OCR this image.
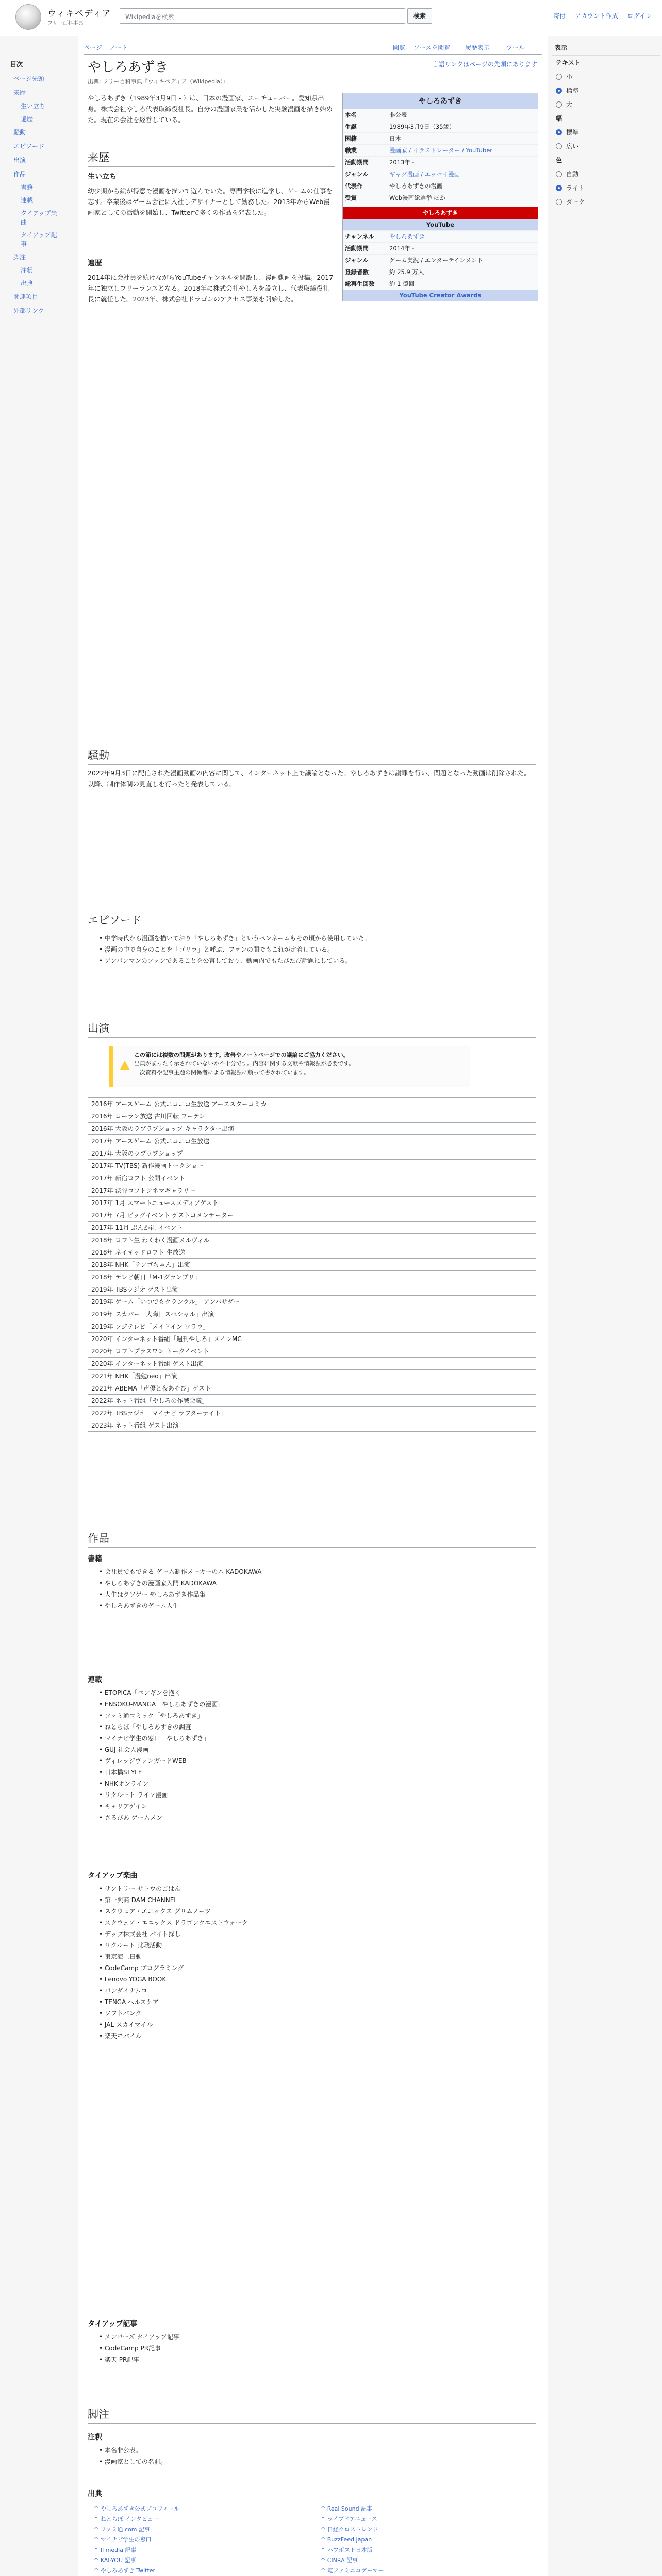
ウィキペディア
フリー百科事典
Wikipediaを検索	検索	寄付 アカウント作成 ログイン
目次
ページ先頭
来歴
生い立ち
遍歴
騒動
エピソード
出演
作品
書籍
連載
タイアップ楽曲
タイアップ記事
脚注
注釈
出典
関連項目
外部リンク
表示
テキスト
小
標準
大
幅
標準
広い
色
自動
ライト
ダーク
ページ ノート	閲覧 ソースを閲覧 履歴表示	ツール
やしろあずき	言語リンクはページの先頭にあります
出典: フリー百科事典『ウィキペディア（Wikipedia）』
やしろあずき
本名	非公表
生誕	1989年3月9日（35歳）
国籍	日本
職業	漫画家 / イラストレーター / YouTuber
活動期間	2013年 -
ジャンル	ギャグ漫画 / エッセイ漫画
代表作	やしろあずきの漫画
受賞	Web漫画総選挙 ほか
やしろあずき
YouTube
チャンネル	やしろあずき
活動期間	2014年 -
ジャンル	ゲーム実況 / エンターテインメント
登録者数	約 25.9 万人
総再生回数	約 1 億回
YouTube Creator Awards
やしろあずき（1989年3月9日 - ）は、日本の漫画家、ユーチューバー。愛知県出身。株式会社やしろ代表取締役社長。自分の漫画家業を活かした実験漫画を描き始めた。現在の会社を経営している。
来歴
生い立ち
幼少期から絵が得意で漫画を描いて遊んでいた。専門学校に進学し、ゲームの仕事を志す。卒業後はゲーム会社に入社しデザイナーとして勤務した。2013年からWeb漫画家としての活動を開始し、Twitterで多くの作品を発表した。
遍歴
2014年に会社員を続けながらYouTubeチャンネルを開設し、漫画動画を投稿。2017年に独立しフリーランスとなる。2018年に株式会社やしろを設立し、代表取締役社長に就任した。2023年、株式会社ドラゴンのアクセス事業を開始した。
騒動
2022年9月3日に配信された漫画動画の内容に関して、インターネット上で議論となった。やしろあずきは謝罪を行い、問題となった動画は削除された。以降、制作体制の見直しを行ったと発表している。
エピソード
• 中学時代から漫画を描いており「やしろあずき」というペンネームもその頃から使用していた。
• 漫画の中で自身のことを「ゴリラ」と呼ぶ、ファンの間でもこれが定着している。
• アンパンマンのファンであることを公言しており、動画内でもたびたび話題にしている。
出演
この節には複数の問題があります。改善やノートページでの議論にご協力ください。
出典がまったく示されていないか不十分です。内容に関する文献や情報源が必要です。
一次資料や記事主題の関係者による情報源に頼って書かれています。
2016年 アースゲーム 公式ニコニコ生放送 アーススターコミカ
2016年 コーラン放送 古川回転 フーテン
2016年 大阪のラブラブショップ キャラクター出演
2017年 アースゲーム 公式ニコニコ生放送
2017年 大阪のラブラブショップ
2017年 TV(TBS) 新作漫画トークショー
2017年 新宿ロフト 公開イベント
2017年 渋谷ロフトシネマギャラリー
2017年 1月 スマートニュースメディアゲスト
2017年 7月 ビッグイベント ゲストコメンテーター
2017年 11月 ぶんか社 イベント
2018年 ロフト生 わくわく漫画メルヴィル
2018年 ネイキッドロフト 生放送
2018年 NHK「テンゴちゃん」出演
2018年 テレビ朝日「M-1グランプリ」
2019年 TBSラジオ ゲスト出演
2019年 ゲーム「いつでもクランクル」 アンバサダー
2019年 スカパー「大晦日スペシャル」出演
2019年 フジテレビ「メイドイン ワラウ」
2020年 インターネット番組「週刊やしろ」メインMC
2020年 ロフトプラスワン トークイベント
2020年 インターネット番組 ゲスト出演
2021年 NHK「漫勉neo」出演
2021年 ABEMA「声優と夜あそび」ゲスト
2022年 ネット番組「やしろの作戦会議」
2022年 TBSラジオ「マイナビ ラフターナイト」
2023年 ネット番組 ゲスト出演
作品
書籍
• 会社員でもできる ゲーム制作メーカーの本 KADOKAWA
• やしろあずきの漫画家入門 KADOKAWA
• 人生はクソゲー やしろあずき作品集
• やしろあずきのゲーム人生
連載
• ETOPICA「ペンギンを抱く」
• ENSOKU-MANGA「やしろあずきの漫画」
• ファミ通コミック「やしろあずき」
• ねとらぼ「やしろあずきの調査」
• マイナビ学生の窓口「やしろあずき」
• GUJ 社会人漫画
• ヴィレッジヴァンガードWEB
• 日本橋STYLE
• NHKオンライン
• リクルート ライフ漫画
• キャリアゲイン
• さるびあ ゲームメン
タイアップ楽曲
• サントリー サトウのごはん
• 第一興商 DAM CHANNEL
• スクウェア・エニックス グリムノーツ
• スクウェア・エニックス ドラゴンクエストウォーク
• デップ株式会社 バイト探し
• リクルート 就職活動
• 東京海上日動
• CodeCamp プログラミング
• Lenovo YOGA BOOK
• バンダイナムコ
• TENGA ヘルスケア
• ソフトバンク
• JAL スカイマイル
• 楽天モバイル
タイアップ記事
• メンバーズ タイアップ記事
• CodeCamp PR記事
• 楽天 PR記事
脚注
注釈
• 本名非公表。
• 漫画家としての名前。
出典
^ やしろあずき公式プロフィール
^ ねとらぼ インタビュー
^ ファミ通.com 記事
^ マイナビ学生の窓口
^ ITmedia 記事
^ KAI-YOU 記事
^ やしろあずき Twitter
^ Real Sound 記事
^ ライブドアニュース
^ 日経クロストレンド
^ BuzzFeed Japan
^ ハフポスト日本版
^ CINRA 記事
^ 電ファミニコゲーマー
